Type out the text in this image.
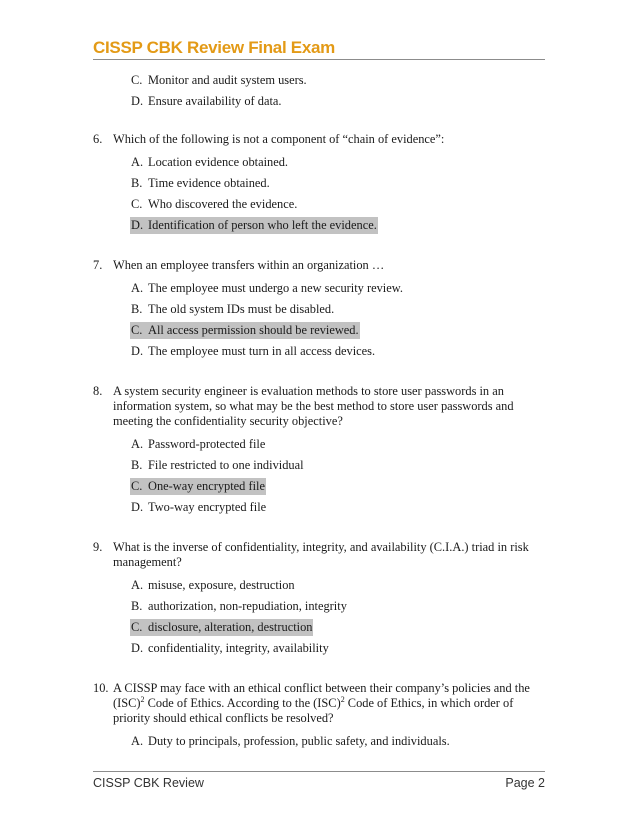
CISSP CBK Review Final Exam
C. Monitor and audit system users.
D. Ensure availability of data.
6. Which of the following is not a component of “chain of evidence”:
A. Location evidence obtained.
B. Time evidence obtained.
C. Who discovered the evidence.
D. Identification of person who left the evidence.
7. When an employee transfers within an organization …
A. The employee must undergo a new security review.
B. The old system IDs must be disabled.
C. All access permission should be reviewed.
D. The employee must turn in all access devices.
8. A system security engineer is evaluation methods to store user passwords in an information system, so what may be the best method to store user passwords and meeting the confidentiality security objective?
A. Password-protected file
B. File restricted to one individual
C. One-way encrypted file
D. Two-way encrypted file
9. What is the inverse of confidentiality, integrity, and availability (C.I.A.) triad in risk management?
A. misuse, exposure, destruction
B. authorization, non-repudiation, integrity
C. disclosure, alteration, destruction
D. confidentiality, integrity, availability
10. A CISSP may face with an ethical conflict between their company’s policies and the (ISC)$^2$ Code of Ethics. According to the (ISC)$^2$ Code of Ethics, in which order of priority should ethical conflicts be resolved?
A. Duty to principals, profession, public safety, and individuals.
CISSP CBK Review	Page 2
